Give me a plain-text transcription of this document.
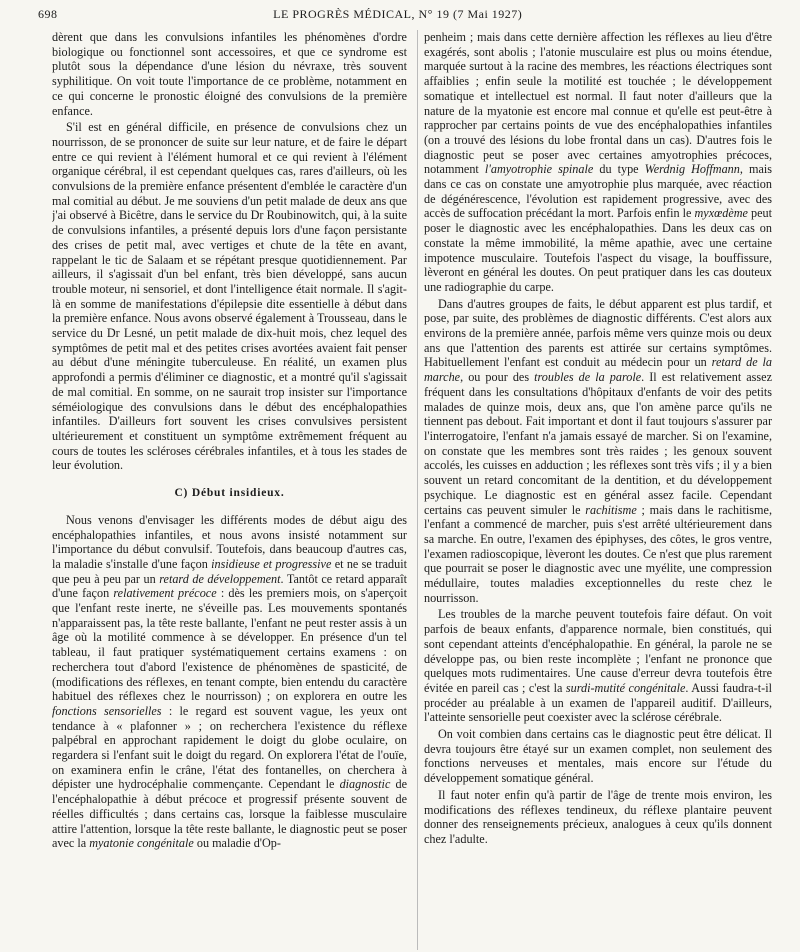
698	LE PROGRÈS MÉDICAL, N° 19 (7 Mai 1927)

dèrent que dans les convulsions infantiles les phénomènes d'ordre biologique ou fonctionnel sont accessoires, et que ce syndrome est plutôt sous la dépendance d'une lésion du névraxe, très souvent syphilitique. On voit toute l'importance de ce problème, notamment en ce qui concerne le pronostic éloigné des convulsions de la première enfance.

S'il est en général difficile, en présence de convulsions chez un nourrisson, de se prononcer de suite sur leur nature, et de faire le départ entre ce qui revient à l'élément humoral et ce qui revient à l'élément organique cérébral, il est cependant quelques cas, rares d'ailleurs, où les convulsions de la première enfance présentent d'emblée le caractère d'un mal comitial au début. Je me souviens d'un petit malade de deux ans que j'ai observé à Bicêtre, dans le service du Dr Roubinowitch, qui, à la suite de convulsions infantiles, a présenté depuis lors d'une façon persistante des crises de petit mal, avec vertiges et chute de la tête en avant, rappelant le tic de Salaam et se répétant presque quotidiennement. Par ailleurs, il s'agissait d'un bel enfant, très bien développé, sans aucun trouble moteur, ni sensoriel, et dont l'intelligence était normale. Il s'agit-là en somme de manifestations d'épilepsie dite essentielle à début dans la première enfance. Nous avons observé également à Trousseau, dans le service du Dr Lesné, un petit malade de dix-huit mois, chez lequel des symptômes de petit mal et des petites crises avortées avaient fait penser au début d'une méningite tuberculeuse. En réalité, un examen plus approfondi a permis d'éliminer ce diagnostic, et a montré qu'il s'agissait de mal comitial. En somme, on ne saurait trop insister sur l'importance séméiologique des convulsions dans le début des encéphalopathies infantiles. D'ailleurs fort souvent les crises convulsives persistent ultérieurement et constituent un symptôme extrêmement fréquent au cours de toutes les scléroses cérébrales infantiles, et à tous les stades de leur évolution.

C) Début insidieux.

Nous venons d'envisager les différents modes de début aigu des encéphalopathies infantiles, et nous avons insisté notamment sur l'importance du début convulsif. Toutefois, dans beaucoup d'autres cas, la maladie s'installe d'une façon insidieuse et progressive et ne se traduit que peu à peu par un retard de développement. Tantôt ce retard apparaît d'une façon relativement précoce : dès les premiers mois, on s'aperçoit que l'enfant reste inerte, ne s'éveille pas. Les mouvements spontanés n'apparaissent pas, la tête reste ballante, l'enfant ne peut rester assis à un âge où la motilité commence à se développer. En présence d'un tel tableau, il faut pratiquer systématiquement certains examens : on recherchera tout d'abord l'existence de phénomènes de spasticité, de (modifications des réflexes, en tenant compte, bien entendu du caractère habituel des réflexes chez le nourrisson) ; on explorera en outre les fonctions sensorielles : le regard est souvent vague, les yeux ont tendance à « plafonner » ; on recherchera l'existence du réflexe palpébral en approchant rapidement le doigt du globe oculaire, on regardera si l'enfant suit le doigt du regard. On explorera l'état de l'ouïe, on examinera enfin le crâne, l'état des fontanelles, on cherchera à dépister une hydrocéphalie commençante. Cependant le diagnostic de l'encéphalopathie à début précoce et progressif présente souvent de réelles difficultés ; dans certains cas, lorsque la faiblesse musculaire attire l'attention, lorsque la tête reste ballante, le diagnostic peut se poser avec la myatonie congénitale ou maladie d'Op-

penheim ; mais dans cette dernière affection les réflexes au lieu d'être exagérés, sont abolis ; l'atonie musculaire est plus ou moins étendue, marquée surtout à la racine des membres, les réactions électriques sont affaiblies ; enfin seule la motilité est touchée ; le développement somatique et intellectuel est normal. Il faut noter d'ailleurs que la nature de la myatonie est encore mal connue et qu'elle est peut-être à rapprocher par certains points de vue des encéphalopathies infantiles (on a trouvé des lésions du lobe frontal dans un cas). D'autres fois le diagnostic peut se poser avec certaines amyotrophies précoces, notamment l'amyotrophie spinale du type Werdnig Hoffmann, mais dans ce cas on constate une amyotrophie plus marquée, avec réaction de dégénérescence, l'évolution est rapidement progressive, avec des accès de suffocation précédant la mort. Parfois enfin le myxœdème peut poser le diagnostic avec les encéphalopathies. Dans les deux cas on constate la même immobilité, la même apathie, avec une certaine impotence musculaire. Toutefois l'aspect du visage, la bouffissure, lèveront en général les doutes. On peut pratiquer dans les cas douteux une radiographie du carpe.

Dans d'autres groupes de faits, le début apparent est plus tardif, et pose, par suite, des problèmes de diagnostic différents. C'est alors aux environs de la première année, parfois même vers quinze mois ou deux ans que l'attention des parents est attirée sur certains symptômes. Habituellement l'enfant est conduit au médecin pour un retard de la marche, ou pour des troubles de la parole. Il est relativement assez fréquent dans les consultations d'hôpitaux d'enfants de voir des petits malades de quinze mois, deux ans, que l'on amène parce qu'ils ne tiennent pas debout. Fait important et dont il faut toujours s'assurer par l'interrogatoire, l'enfant n'a jamais essayé de marcher. Si on l'examine, on constate que les membres sont très raides ; les genoux souvent accolés, les cuisses en adduction ; les réflexes sont très vifs ; il y a bien souvent un retard concomitant de la dentition, et du développement psychique. Le diagnostic est en général assez facile. Cependant certains cas peuvent simuler le rachitisme ; mais dans le rachitisme, l'enfant a commencé de marcher, puis s'est arrêté ultérieurement dans sa marche. En outre, l'examen des épiphyses, des côtes, le gros ventre, l'examen radioscopique, lèveront les doutes. Ce n'est que plus rarement que pourrait se poser le diagnostic avec une myélite, une compression médullaire, toutes maladies exceptionnelles du reste chez le nourrisson.

Les troubles de la marche peuvent toutefois faire défaut. On voit parfois de beaux enfants, d'apparence normale, bien constitués, qui sont cependant atteints d'encéphalopathie. En général, la parole ne se développe pas, ou bien reste incomplète ; l'enfant ne prononce que quelques mots rudimentaires. Une cause d'erreur devra toutefois être évitée en pareil cas ; c'est la surdi-mutité congénitale. Aussi faudra-t-il procéder au préalable à un examen de l'appareil auditif. D'ailleurs, l'atteinte sensorielle peut coexister avec la sclérose cérébrale.

On voit combien dans certains cas le diagnostic peut être délicat. Il devra toujours être étayé sur un examen complet, non seulement des fonctions nerveuses et mentales, mais encore sur l'étude du développement somatique général.

Il faut noter enfin qu'à partir de l'âge de trente mois environ, les modifications des réflexes tendineux, du réflexe plantaire peuvent donner des renseignements précieux, analogues à ceux qu'ils donnent chez l'adulte.
